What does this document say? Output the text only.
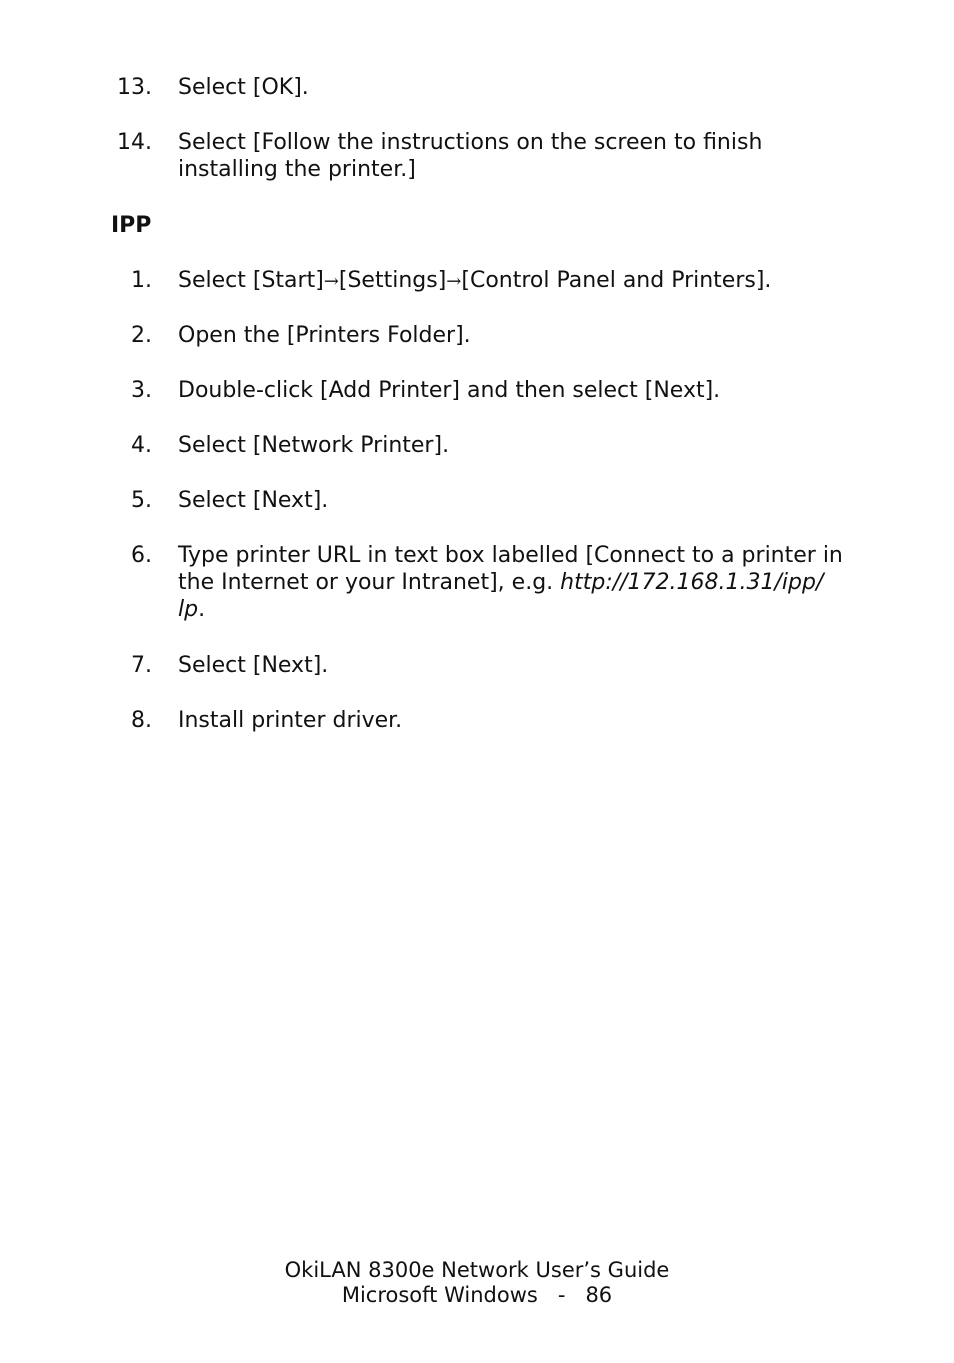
13. Select [OK].
14. Select [Follow the instructions on the screen to finish
installing the printer.]
IPP
1. Select [Start]→[Settings]→[Control Panel and Printers].
2. Open the [Printers Folder].
3. Double-click [Add Printer] and then select [Next].
4. Select [Network Printer].
5. Select [Next].
6. Type printer URL in text box labelled [Connect to a printer in
the Internet or your Intranet], e.g. http://172.168.1.31/ipp/
lp.
7. Select [Next].
8. Install printer driver.
OkiLAN 8300e Network User’s Guide
Microsoft Windows   -   86
